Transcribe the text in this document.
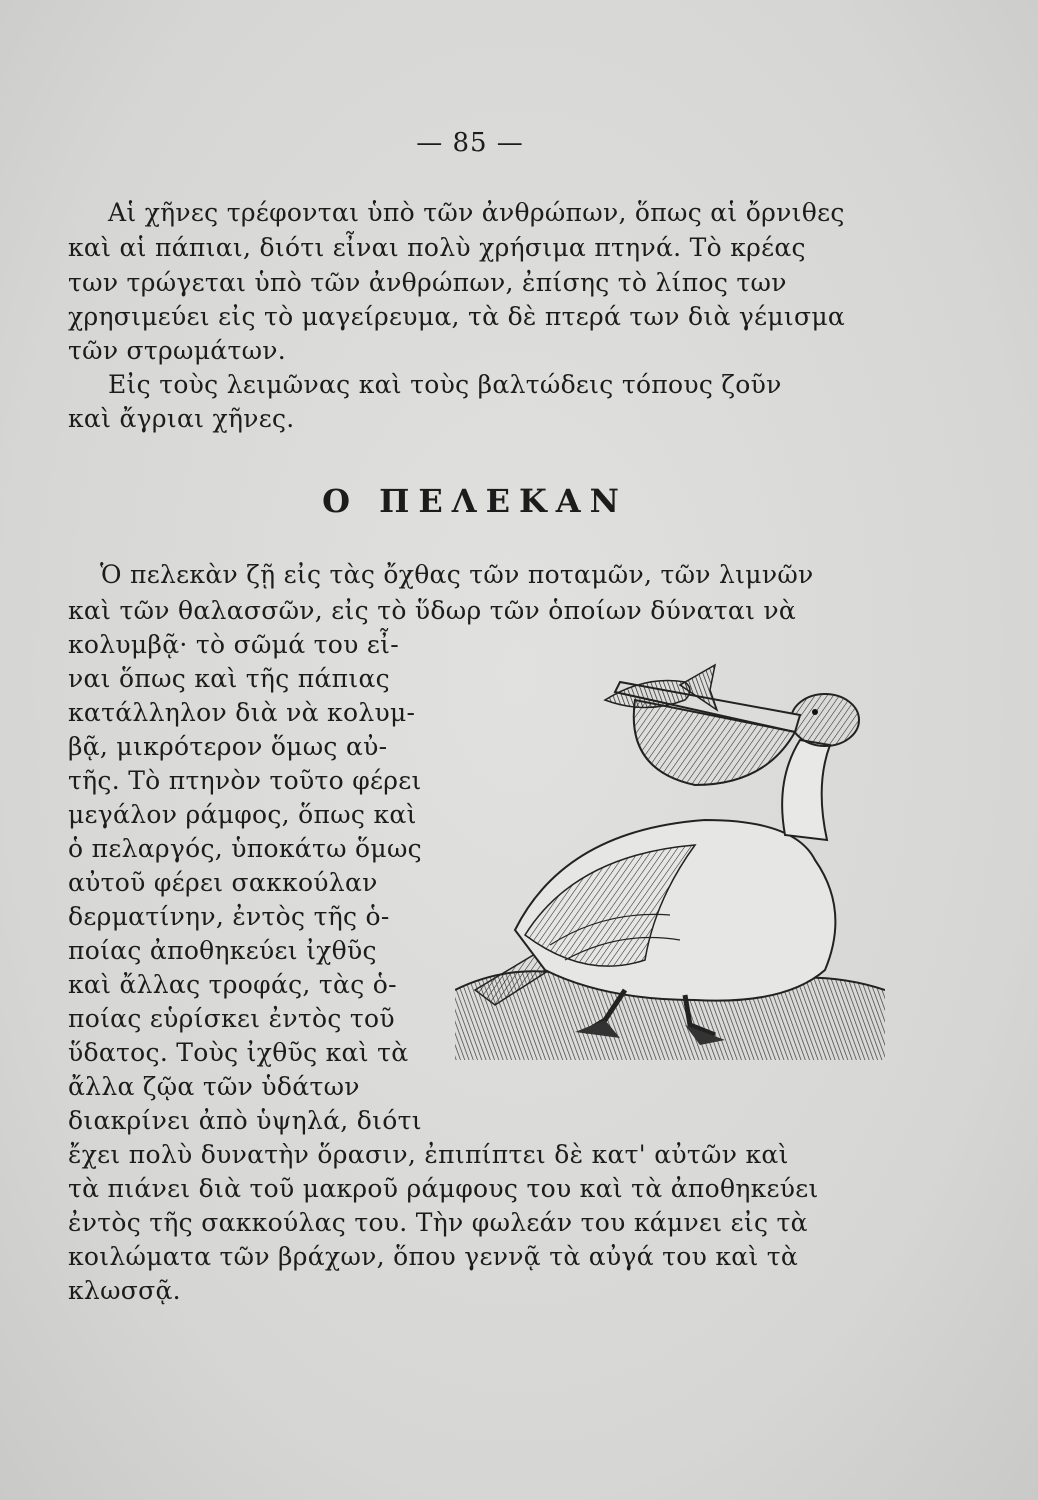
— 85 —
Αἱ χῆνες τρέφονται ὑπὸ τῶν ἀνθρώπων, ὅπως αἱ ὄρνιθες
καὶ αἱ πάπιαι, διότι εἶναι πολὺ χρήσιμα πτηνά. Τὸ κρέας
των τρώγεται ὑπὸ τῶν ἀνθρώπων, ἐπίσης τὸ λίπος των
χρησιμεύει εἰς τὸ μαγείρευμα, τὰ δὲ πτερά των διὰ γέμισμα
τῶν στρωμάτων.
Εἰς τοὺς λειμῶνας καὶ τοὺς βαλτώδεις τόπους ζοῦν
καὶ ἄγριαι χῆνες.
Ο ΠΕΛΕΚΑΝ
Ὁ πελεκὰν ζῇ εἰς τὰς ὄχθας τῶν ποταμῶν, τῶν λιμνῶν
καὶ τῶν θαλασσῶν, εἰς τὸ ὕδωρ τῶν ὁποίων δύναται νὰ
κολυμβᾷ· τὸ σῶμά του εἶ-
ναι ὅπως καὶ τῆς πάπιας
κατάλληλον διὰ νὰ κολυμ-
βᾷ, μικρότερον ὅμως αὐ-
τῆς. Τὸ πτηνὸν τοῦτο φέρει
μεγάλον ράμφος, ὅπως καὶ
ὁ πελαργός, ὑποκάτω ὅμως
αὐτοῦ φέρει σακκούλαν
δερματίνην, ἐντὸς τῆς ὁ-
ποίας ἀποθηκεύει ἰχθῦς
καὶ ἄλλας τροφάς, τὰς ὁ-
ποίας εὑρίσκει ἐντὸς τοῦ
ὕδατος. Τοὺς ἰχθῦς καὶ τὰ
ἄλλα ζῷα τῶν ὑδάτων
διακρίνει ἀπὸ ὑψηλά, διότι
ἔχει πολὺ δυνατὴν ὅρασιν, ἐπιπίπτει δὲ κατ' αὐτῶν καὶ
τὰ πιάνει διὰ τοῦ μακροῦ ράμφους του καὶ τὰ ἀποθηκεύει
ἐντὸς τῆς σακκούλας του. Τὴν φωλεάν του κάμνει εἰς τὰ
κοιλώματα τῶν βράχων, ὅπου γεννᾷ τὰ αὐγά του καὶ τὰ
κλωσσᾷ.
